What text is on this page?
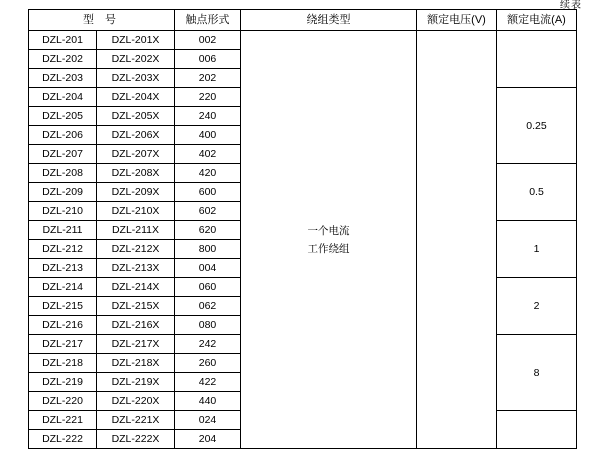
续表
型 号		触点形式	绕组类型	额定电压(V)	额定电流(A)
DZL-201	DZL-201X	002	一个电流
工作绕组		

DZL-202	DZL-202X	006			
DZL-203	DZL-203X	202			
DZL-204	DZL-204X	220			0.25
DZL-205	DZL-205X	240			
DZL-206	DZL-206X	400			
DZL-207	DZL-207X	402			
DZL-208	DZL-208X	420			0.5
DZL-209	DZL-209X	600			
DZL-210	DZL-210X	602			
DZL-211	DZL-211X	620			1
DZL-212	DZL-212X	800			
DZL-213	DZL-213X	004			
DZL-214	DZL-214X	060			2
DZL-215	DZL-215X	062			
DZL-216	DZL-216X	080			
DZL-217	DZL-217X	242			8
DZL-218	DZL-218X	260			
DZL-219	DZL-219X	422			
DZL-220	DZL-220X	440			
DZL-221	DZL-221X	024			
DZL-222	DZL-222X	204			
